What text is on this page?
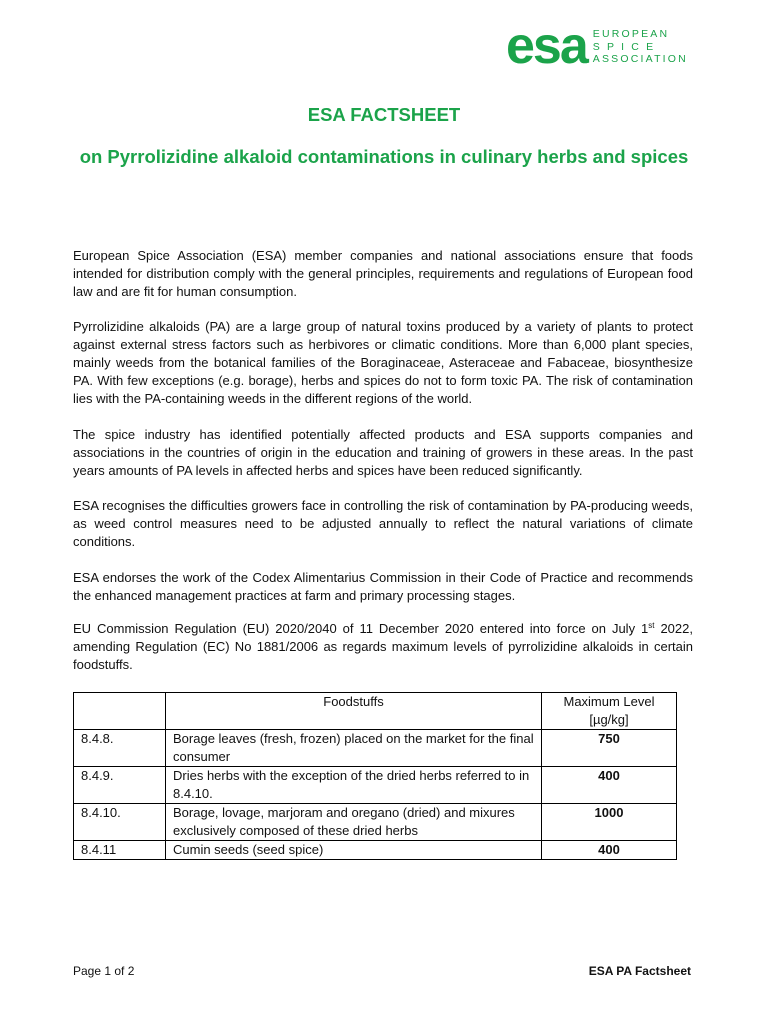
esa EUROPEAN
SPICE
ASSOCIATION
ESA FACTSHEET
on Pyrrolizidine alkaloid contaminations in culinary herbs and spices
European Spice Association (ESA) member companies and national associations ensure that foods intended for distribution comply with the general principles, requirements and regulations of European food law and are fit for human consumption.
Pyrrolizidine alkaloids (PA) are a large group of natural toxins produced by a variety of plants to protect against external stress factors such as herbivores or climatic conditions. More than 6,000 plant species, mainly weeds from the botanical families of the Boraginaceae, Asteraceae and Fabaceae, biosynthesize PA. With few exceptions (e.g. borage), herbs and spices do not to form toxic PA. The risk of contamination lies with the PA-containing weeds in the different regions of the world.
The spice industry has identified potentially affected products and ESA supports companies and associations in the countries of origin in the education and training of growers in these areas. In the past years amounts of PA levels in affected herbs and spices have been reduced significantly.
ESA recognises the difficulties growers face in controlling the risk of contamination by PA-producing weeds, as weed control measures need to be adjusted annually to reflect the natural variations of climate conditions.
ESA endorses the work of the Codex Alimentarius Commission in their Code of Practice and recommends the enhanced management practices at farm and primary processing stages.
EU Commission Regulation (EU) 2020/2040 of 11 December 2020 entered into force on July 1st 2022, amending Regulation (EC) No 1881/2006 as regards maximum levels of pyrrolizidine alkaloids in certain foodstuffs.
	Foodstuffs	Maximum Level [µg/kg]
8.4.8.	Borage leaves (fresh, frozen) placed on the market for the final consumer	750
8.4.9.	Dries herbs with the exception of the dried herbs referred to in 8.4.10.	400
8.4.10.	Borage, lovage, marjoram and oregano (dried) and mixures exclusively composed of these dried herbs	1000
8.4.11	Cumin seeds (seed spice)	400
Page 1 of 2	ESA PA Factsheet
